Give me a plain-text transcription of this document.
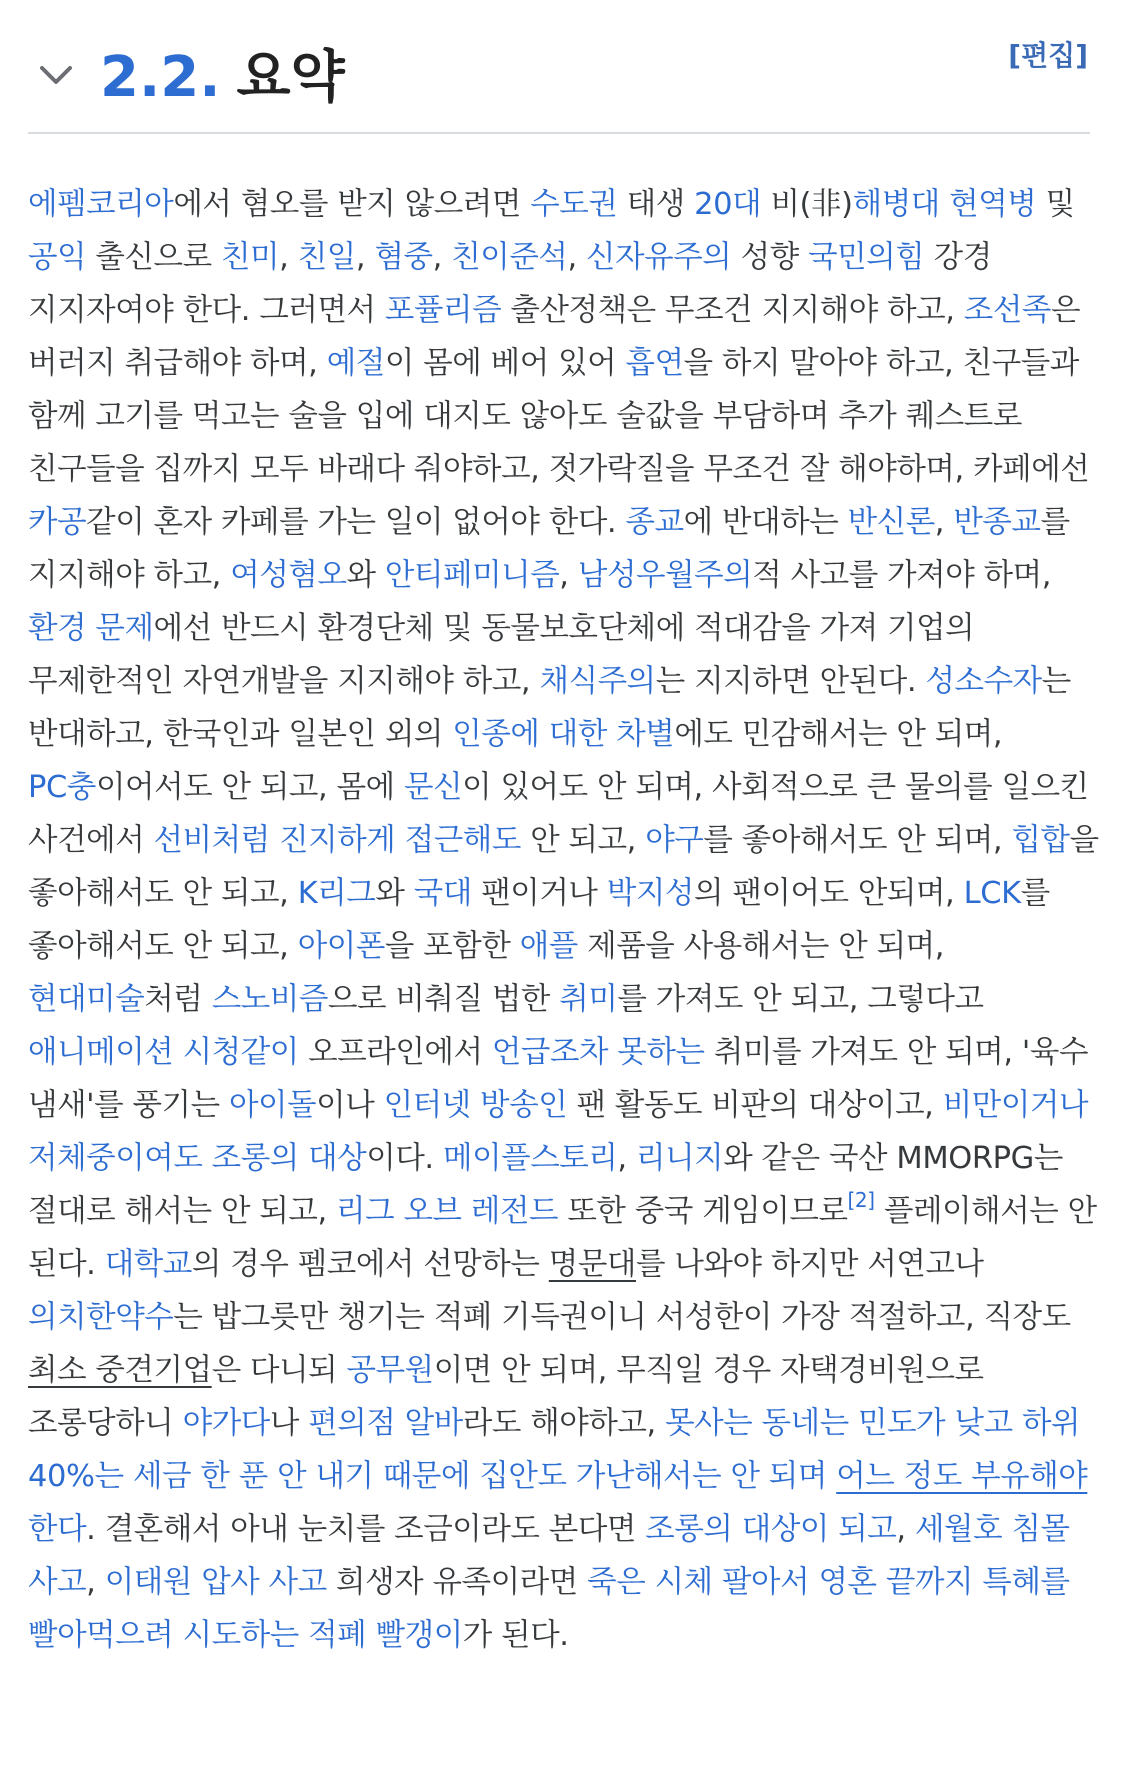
2.2. 요약	[편집]

에펨코리아에서 혐오를 받지 않으려면 수도권 태생 20대 비(非)해병대 현역병 및 공익 출신으로 친미, 친일, 혐중, 친이준석, 신자유주의 성향 국민의힘 강경 지지자여야 한다. 그러면서 포퓰리즘 출산정책은 무조건 지지해야 하고, 조선족은 버러지 취급해야 하며, 예절이 몸에 베어 있어 흡연을 하지 말아야 하고, 친구들과 함께 고기를 먹고는 술을 입에 대지도 않아도 술값을 부담하며 추가 퀘스트로 친구들을 집까지 모두 바래다 줘야하고, 젓가락질을 무조건 잘 해야하며, 카페에선 카공같이 혼자 카페를 가는 일이 없어야 한다. 종교에 반대하는 반신론, 반종교를 지지해야 하고, 여성혐오와 안티페미니즘, 남성우월주의적 사고를 가져야 하며, 환경 문제에선 반드시 환경단체 및 동물보호단체에 적대감을 가져 기업의 무제한적인 자연개발을 지지해야 하고, 채식주의는 지지하면 안된다. 성소수자는 반대하고, 한국인과 일본인 외의 인종에 대한 차별에도 민감해서는 안 되며, PC충이어서도 안 되고, 몸에 문신이 있어도 안 되며, 사회적으로 큰 물의를 일으킨 사건에서 선비처럼 진지하게 접근해도 안 되고, 야구를 좋아해서도 안 되며, 힙합을 좋아해서도 안 되고, K리그와 국대 팬이거나 박지성의 팬이어도 안되며, LCK를 좋아해서도 안 되고, 아이폰을 포함한 애플 제품을 사용해서는 안 되며, 현대미술처럼 스노비즘으로 비춰질 법한 취미를 가져도 안 되고, 그렇다고 애니메이션 시청같이 오프라인에서 언급조차 못하는 취미를 가져도 안 되며, '육수 냄새'를 풍기는 아이돌이나 인터넷 방송인 팬 활동도 비판의 대상이고, 비만이거나 저체중이여도 조롱의 대상이다. 메이플스토리, 리니지와 같은 국산 MMORPG는 절대로 해서는 안 되고, 리그 오브 레전드 또한 중국 게임이므로[2] 플레이해서는 안 된다. 대학교의 경우 펨코에서 선망하는 명문대를 나와야 하지만 서연고나 의치한약수는 밥그릇만 챙기는 적폐 기득권이니 서성한이 가장 적절하고, 직장도 최소 중견기업은 다니되 공무원이면 안 되며, 무직일 경우 자택경비원으로 조롱당하니 야가다나 편의점 알바라도 해야하고, 못사는 동네는 민도가 낮고 하위 40%는 세금 한 푼 안 내기 때문에 집안도 가난해서는 안 되며 어느 정도 부유해야 한다. 결혼해서 아내 눈치를 조금이라도 본다면 조롱의 대상이 되고, 세월호 침몰 사고, 이태원 압사 사고 희생자 유족이라면 죽은 시체 팔아서 영혼 끝까지 특혜를 빨아먹으려 시도하는 적폐 빨갱이가 된다.
